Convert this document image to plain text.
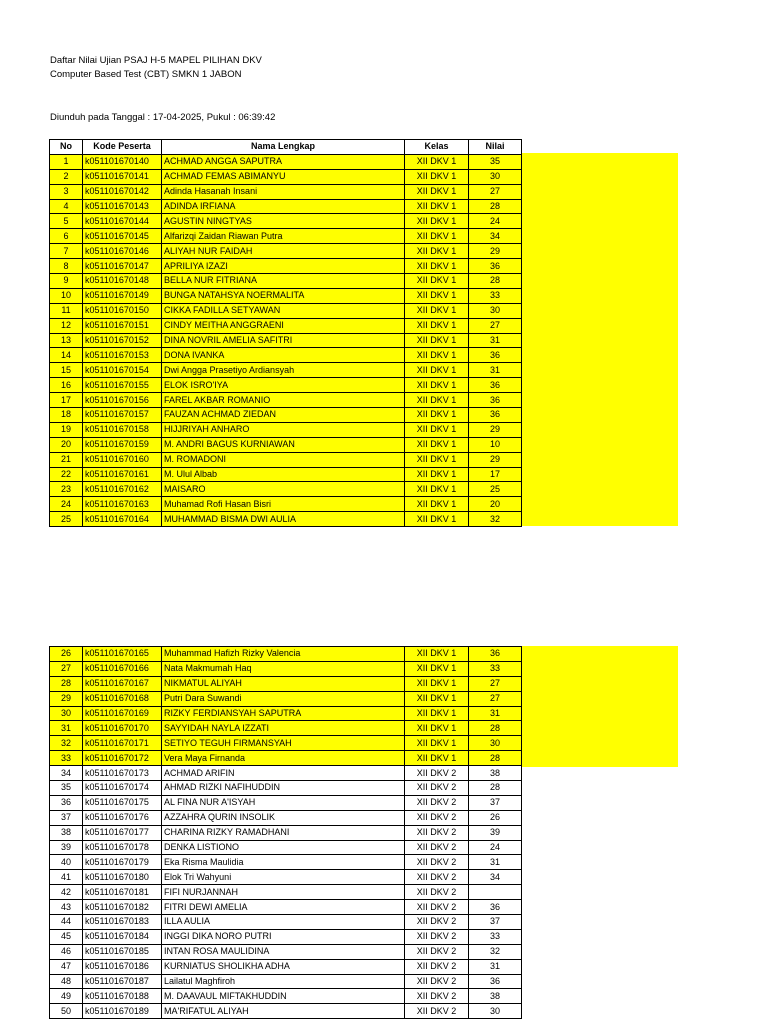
Daftar Nilai Ujian PSAJ H-5 MAPEL PILIHAN DKV
Computer Based Test (CBT) SMKN 1 JABON
Diunduh pada Tanggal : 17-04-2025, Pukul : 06:39:42
No	Kode Peserta	Nama Lengkap	Kelas	Nilai
1	k051101670140	ACHMAD ANGGA SAPUTRA	XII DKV 1	35
2	k051101670141	ACHMAD FEMAS ABIMANYU	XII DKV 1	30
3	k051101670142	Adinda Hasanah Insani	XII DKV 1	27
4	k051101670143	ADINDA IRFIANA	XII DKV 1	28
5	k051101670144	AGUSTIN NINGTYAS	XII DKV 1	24
6	k051101670145	Alfarizqi Zaidan Riawan Putra	XII DKV 1	34
7	k051101670146	ALIYAH NUR FAIDAH	XII DKV 1	29
8	k051101670147	APRILIYA IZAZI	XII DKV 1	36
9	k051101670148	BELLA NUR FITRIANA	XII DKV 1	28
10	k051101670149	BUNGA NATAHSYA NOERMALITA	XII DKV 1	33
11	k051101670150	CIKKA FADILLA SETYAWAN	XII DKV 1	30
12	k051101670151	CINDY MEITHA ANGGRAENI	XII DKV 1	27
13	k051101670152	DINA NOVRIL AMELIA SAFITRI	XII DKV 1	31
14	k051101670153	DONA IVANKA	XII DKV 1	36
15	k051101670154	Dwi Angga Prasetiyo Ardiansyah	XII DKV 1	31
16	k051101670155	ELOK ISRO'IYA	XII DKV 1	36
17	k051101670156	FAREL AKBAR ROMANIO	XII DKV 1	36
18	k051101670157	FAUZAN ACHMAD ZIEDAN	XII DKV 1	36
19	k051101670158	HIJJRIYAH ANHARO	XII DKV 1	29
20	k051101670159	M. ANDRI BAGUS KURNIAWAN	XII DKV 1	10
21	k051101670160	M. ROMADONI	XII DKV 1	29
22	k051101670161	M. Ulul Albab	XII DKV 1	17
23	k051101670162	MAISARO	XII DKV 1	25
24	k051101670163	Muhamad Rofi Hasan Bisri	XII DKV 1	20
25	k051101670164	MUHAMMAD BISMA DWI AULIA	XII DKV 1	32
26	k051101670165	Muhammad Hafizh Rizky Valencia	XII DKV 1	36
27	k051101670166	Nata Makmumah Haq	XII DKV 1	33
28	k051101670167	NIKMATUL ALIYAH	XII DKV 1	27
29	k051101670168	Putri Dara Suwandi	XII DKV 1	27
30	k051101670169	RIZKY FERDIANSYAH SAPUTRA	XII DKV 1	31
31	k051101670170	SAYYIDAH NAYLA IZZATI	XII DKV 1	28
32	k051101670171	SETIYO TEGUH FIRMANSYAH	XII DKV 1	30
33	k051101670172	Vera Maya Firnanda	XII DKV 1	28
34	k051101670173	ACHMAD ARIFIN	XII DKV 2	38
35	k051101670174	AHMAD RIZKI NAFIHUDDIN	XII DKV 2	28
36	k051101670175	AL FINA NUR A'ISYAH	XII DKV 2	37
37	k051101670176	AZZAHRA QURIN INSOLIK	XII DKV 2	26
38	k051101670177	CHARINA RIZKY RAMADHANI	XII DKV 2	39
39	k051101670178	DENKA LISTIONO	XII DKV 2	24
40	k051101670179	Eka Risma Maulidia	XII DKV 2	31
41	k051101670180	Elok Tri Wahyuni	XII DKV 2	34
42	k051101670181	FIFI NURJANNAH	XII DKV 2	
43	k051101670182	FITRI DEWI AMELIA	XII DKV 2	36
44	k051101670183	ILLA AULIA	XII DKV 2	37
45	k051101670184	INGGI DIKA NORO PUTRI	XII DKV 2	33
46	k051101670185	INTAN ROSA MAULIDINA	XII DKV 2	32
47	k051101670186	KURNIATUS SHOLIKHA ADHA	XII DKV 2	31
48	k051101670187	Lailatul Maghfiroh	XII DKV 2	36
49	k051101670188	M. DAAVAUL MIFTAKHUDDIN	XII DKV 2	38
50	k051101670189	MA'RIFATUL ALIYAH	XII DKV 2	30
